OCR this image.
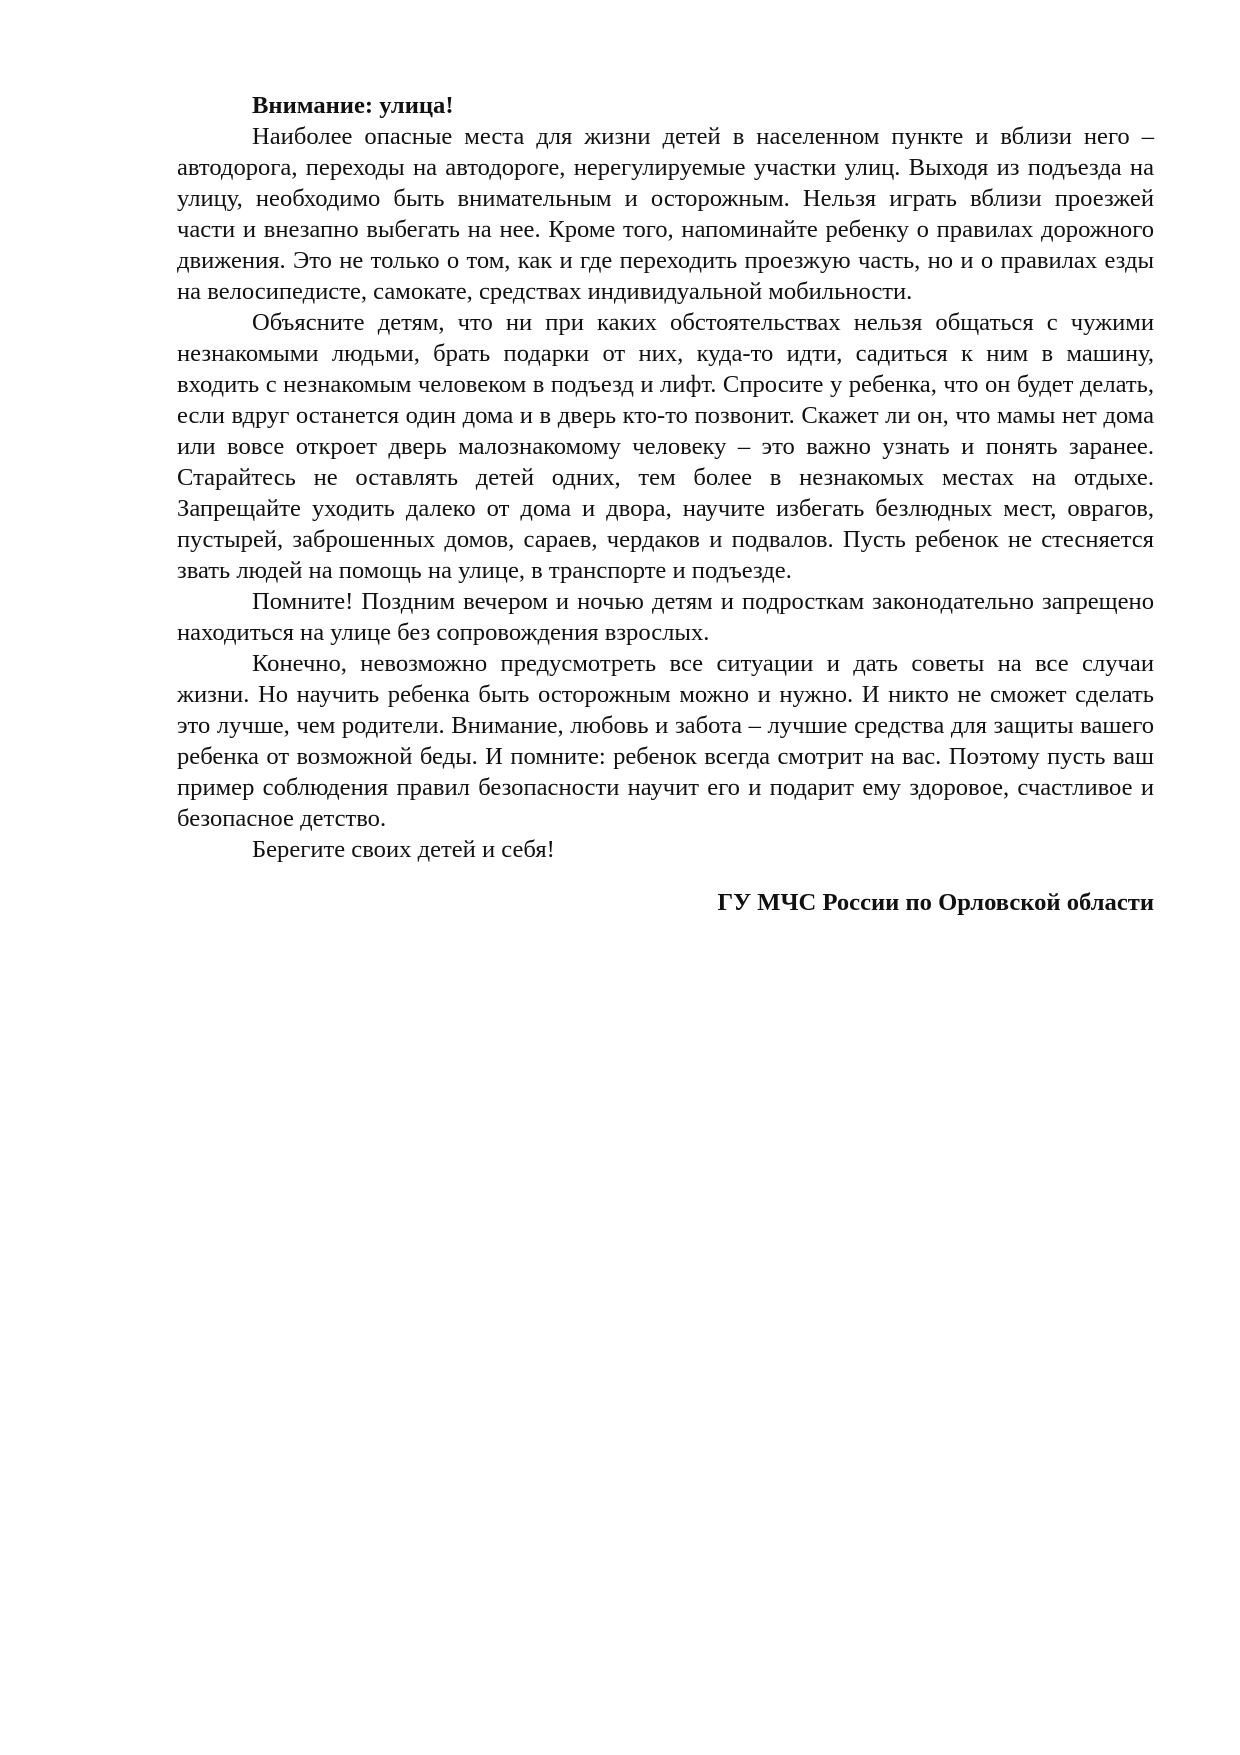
Внимание: улица!

Наиболее опасные места для жизни детей в населенном пункте и вблизи него – автодорога, переходы на автодороге, нерегулируемые участки улиц. Выходя из подъезда на улицу, необходимо быть внимательным и осторожным. Нельзя играть вблизи проезжей части и внезапно выбегать на нее. Кроме того, напоминайте ребенку о правилах дорожного движения. Это не только о том, как и где переходить проезжую часть, но и о правилах езды на велосипедисте, самокате, средствах индивидуальной мобильности.

Объясните детям, что ни при каких обстоятельствах нельзя общаться с чужими незнакомыми людьми, брать подарки от них, куда-то идти, садиться к ним в машину, входить с незнакомым человеком в подъезд и лифт. Спросите у ребенка, что он будет делать, если вдруг останется один дома и в дверь кто-то позвонит. Скажет ли он, что мамы нет дома или вовсе откроет дверь малознакомому человеку – это важно узнать и понять заранее. Старайтесь не оставлять детей одних, тем более в незнакомых местах на отдыхе. Запрещайте уходить далеко от дома и двора, научите избегать безлюдных мест, оврагов, пустырей, заброшенных домов, сараев, чердаков и подвалов. Пусть ребенок не стесняется звать людей на помощь на улице, в транспорте и подъезде.

Помните! Поздним вечером и ночью детям и подросткам законодательно запрещено находиться на улице без сопровождения взрослых.

Конечно, невозможно предусмотреть все ситуации и дать советы на все случаи жизни. Но научить ребенка быть осторожным можно и нужно. И никто не сможет сделать это лучше, чем родители. Внимание, любовь и забота – лучшие средства для защиты вашего ребенка от возможной беды. И помните: ребенок всегда смотрит на вас. Поэтому пусть ваш пример соблюдения правил безопасности научит его и подарит ему здоровое, счастливое и безопасное детство.

Берегите своих детей и себя!

ГУ МЧС России по Орловской области
